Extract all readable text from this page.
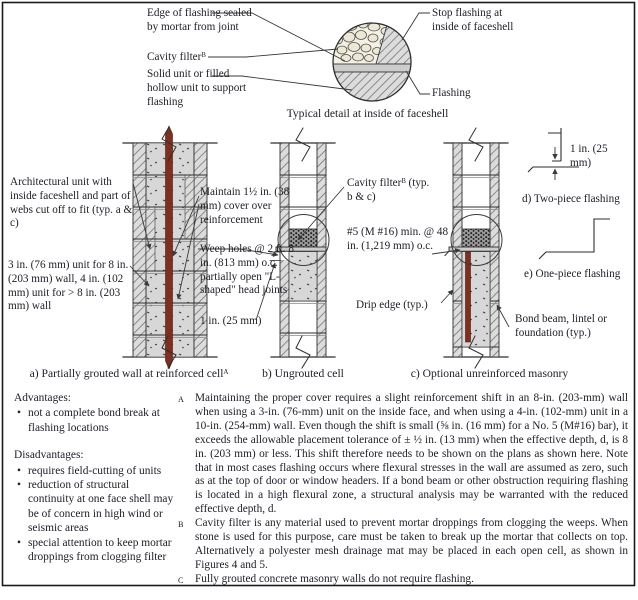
Edge of flashing sealed by mortar from joint
Cavity filterᴮ
Solid unit or filled hollow unit to support flashing
Stop flashing at inside of faceshell
Flashing
Typical detail at inside of faceshell
Architectural unit with inside faceshell and part of webs cut off to fit (typ. a & c)
3 in. (76 mm) unit for 8 in. (203 mm) wall, 4 in. (102 mm) unit for > 8 in. (203 mm) wall
Maintain 1½ in. (38 mm) cover over reinforcement
Weep holes @ 2 ft. 8 in. (813 mm) o.c. partially open "L-shaped" head joints
1 in. (25 mm)
Cavity filterᴮ (typ. b & c)
#5 (M #16) min. @ 48 in. (1,219 mm) o.c.
Drip edge (typ.)
Bond beam, lintel or foundation (typ.)
a) Partially grouted wall at reinforced cellᴬ	b) Ungrouted cell	c) Optional unreinforced masonry
1 in. (25 mm)
d) Two-piece flashing
e) One-piece flashing
Advantages:
• not a complete bond break at flashing locations
Disadvantages:
• requires field-cutting of units
• reduction of structural continuity at one face shell may be of concern in high wind or seismic areas
• special attention to keep mortar droppings from clogging filter
A Maintaining the proper cover requires a slight reinforcement shift in an 8-in. (203-mm) wall when using a 3-in. (76-mm) unit on the inside face, and when using a 4-in. (102-mm) unit in a 10-in. (254-mm) wall. Even though the shift is small (⅝ in. (16 mm) for a No. 5 (M#16) bar), it exceeds the allowable placement tolerance of ± ½ in. (13 mm) when the effective depth, d, is 8 in. (203 mm) or less. This shift therefore needs to be shown on the plans as shown here. Note that in most cases flashing occurs where flexural stresses in the wall are assumed as zero, such as at the top of door or window headers. If a bond beam or other obstruction requiring flashing is located in a high flexural zone, a structural analysis may be warranted with the reduced effective depth, d.
B	Cavity filter is any material used to prevent mortar droppings from clogging the weeps. When stone is used for this purpose, care must be taken to break up the mortar that collects on top. Alternatively a polyester mesh drainage mat may be placed in each open cell, as shown in Figures 4 and 5.
C	Fully grouted concrete masonry walls do not require flashing.
